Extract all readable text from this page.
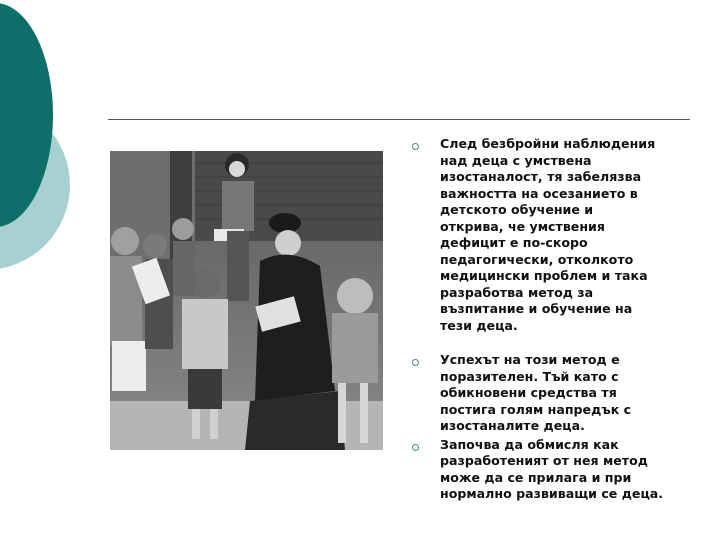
След безбройни наблюдения
над деца с умствена
изостаналост, тя забелязва
важността на осезанието в
детското обучение и
открива, че умствения
дефицит е по-скоро
педагогически, отколкото
медицински проблем и така
разработва метод за
възпитание и обучение на
тези деца.
Успехът на този метод е
поразителен. Тъй като с
обикновени средства тя
постига голям напредък с
изостаналите деца.
Започва да обмисля как
разработеният от нея метод
може да се прилага и при
нормално развиващи се деца.
